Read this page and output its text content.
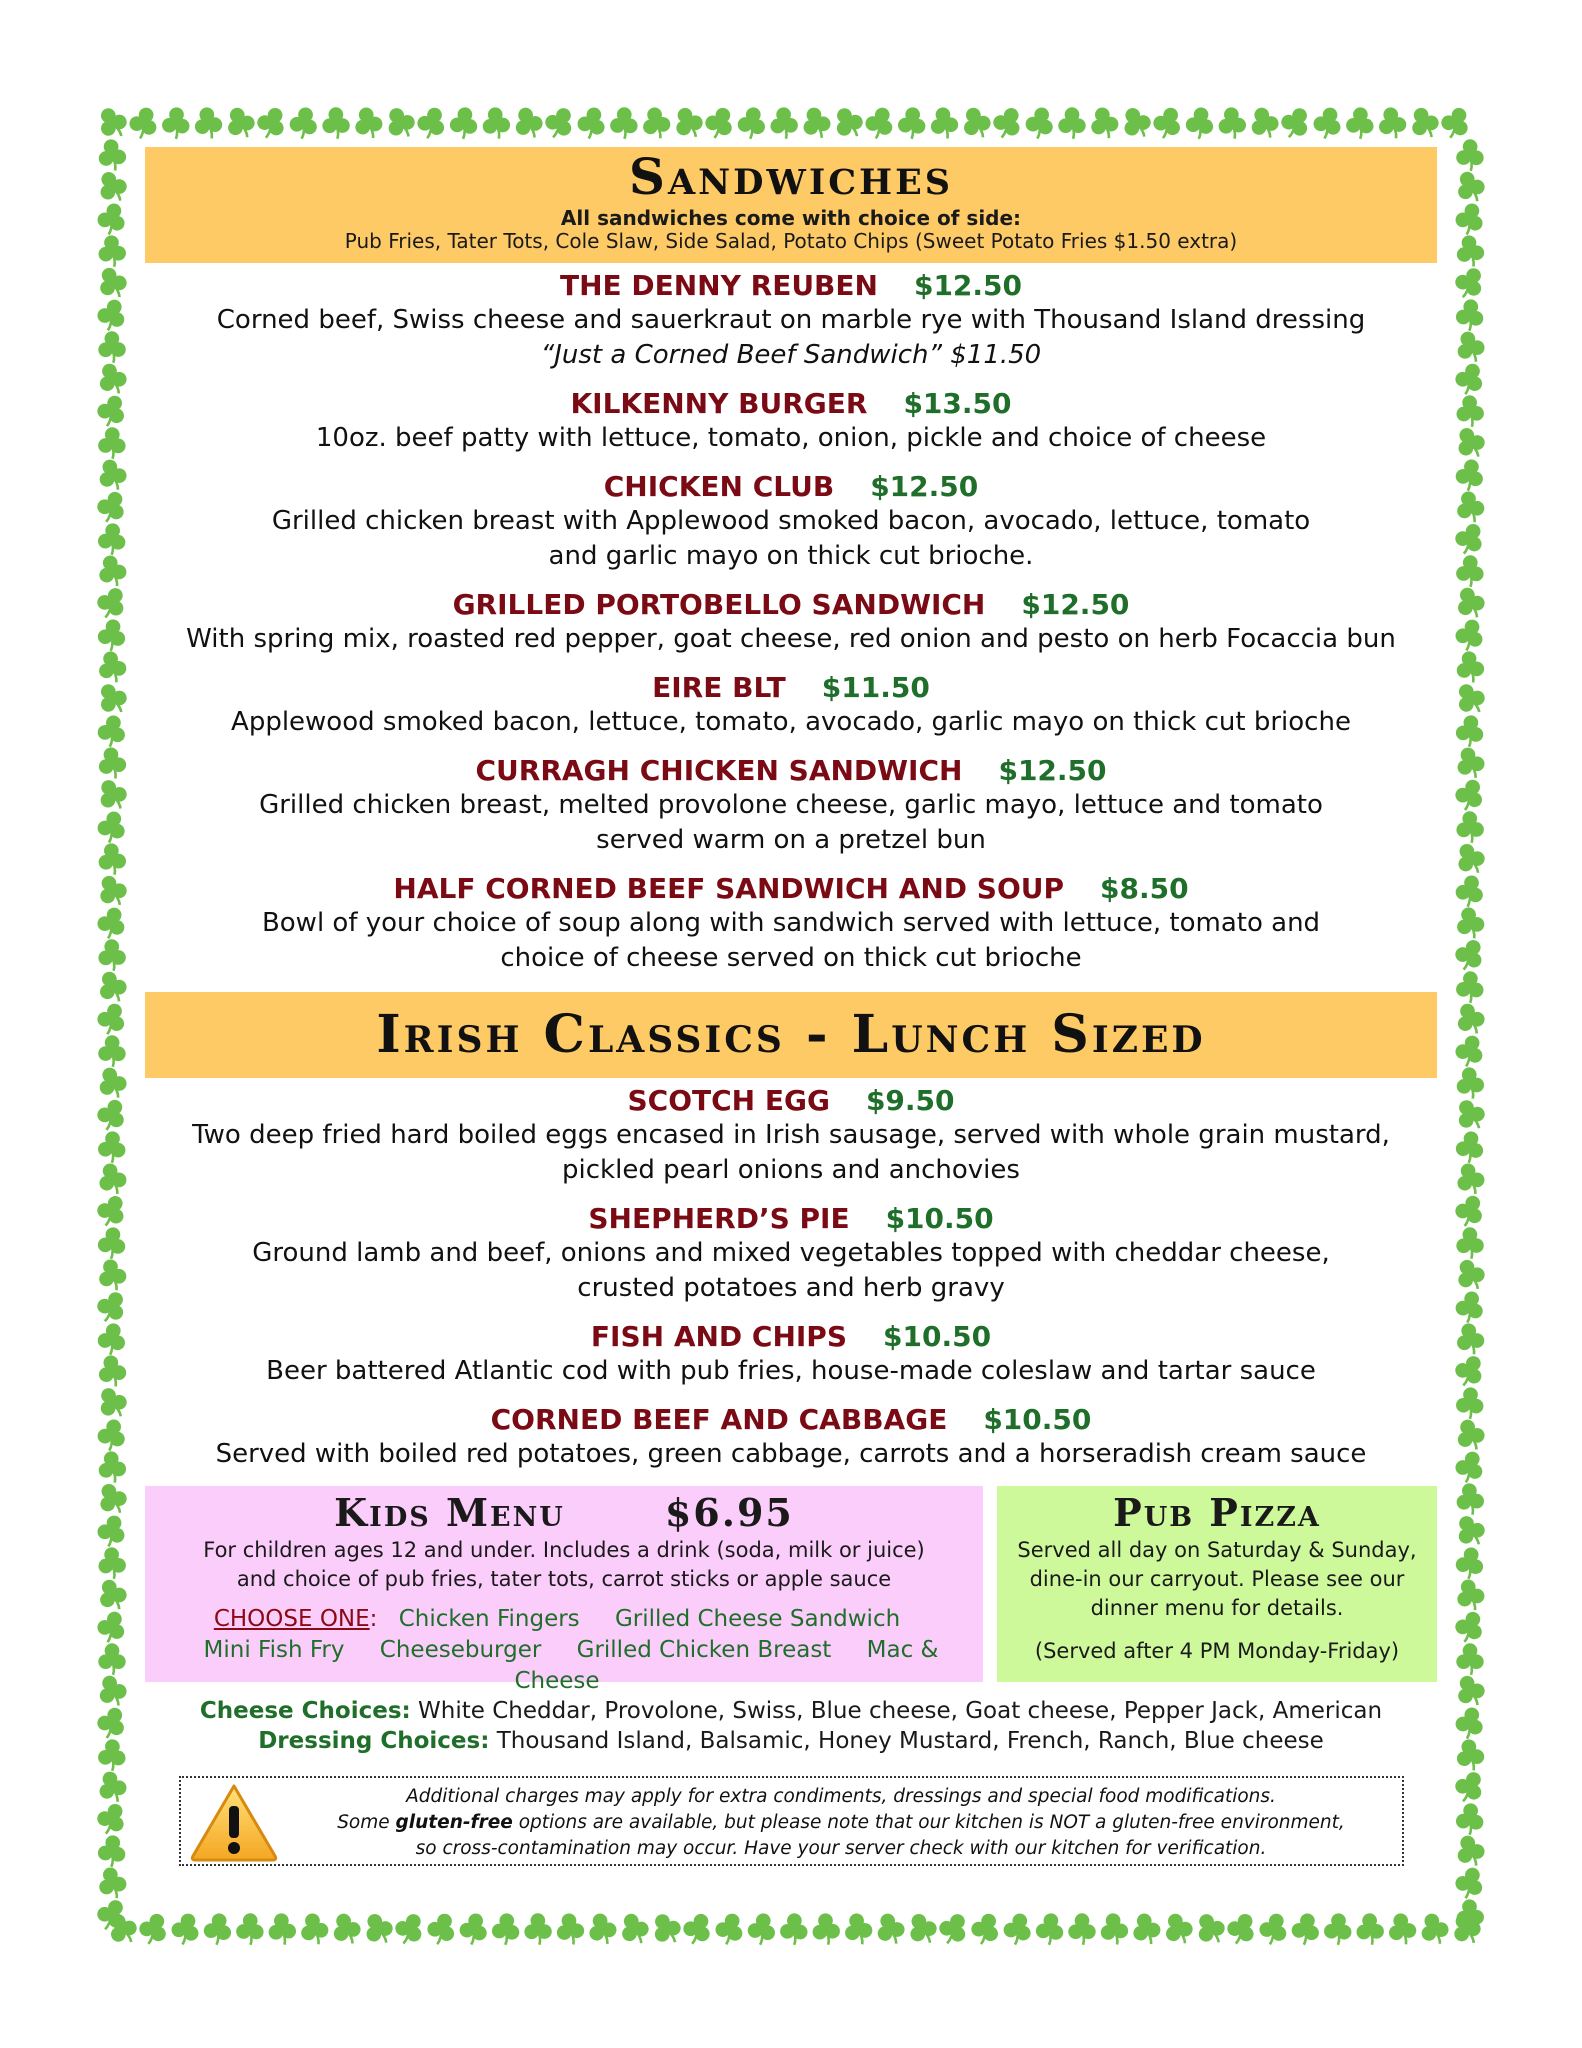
Sandwiches
All sandwiches come with choice of side:
Pub Fries, Tater Tots, Cole Slaw, Side Salad, Potato Chips (Sweet Potato Fries $1.50 extra)
THE DENNY REUBEN $12.50
Corned beef, Swiss cheese and sauerkraut on marble rye with Thousand Island dressing
“Just a Corned Beef Sandwich” $11.50
KILKENNY BURGER $13.50
10oz. beef patty with lettuce, tomato, onion, pickle and choice of cheese
CHICKEN CLUB $12.50
Grilled chicken breast with Applewood smoked bacon, avocado, lettuce, tomato
and garlic mayo on thick cut brioche.
GRILLED PORTOBELLO SANDWICH $12.50
With spring mix, roasted red pepper, goat cheese, red onion and pesto on herb Focaccia bun
EIRE BLT $11.50
Applewood smoked bacon, lettuce, tomato, avocado, garlic mayo on thick cut brioche
CURRAGH CHICKEN SANDWICH $12.50
Grilled chicken breast, melted provolone cheese, garlic mayo, lettuce and tomato
served warm on a pretzel bun
HALF CORNED BEEF SANDWICH AND SOUP $8.50
Bowl of your choice of soup along with sandwich served with lettuce, tomato and
choice of cheese served on thick cut brioche
Irish Classics - Lunch Sized
SCOTCH EGG $9.50
Two deep fried hard boiled eggs encased in Irish sausage, served with whole grain mustard,
pickled pearl onions and anchovies
SHEPHERD’S PIE $10.50
Ground lamb and beef, onions and mixed vegetables topped with cheddar cheese,
crusted potatoes and herb gravy
FISH AND CHIPS $10.50
Beer battered Atlantic cod with pub fries, house-made coleslaw and tartar sauce
CORNED BEEF AND CABBAGE $10.50
Served with boiled red potatoes, green cabbage, carrots and a horseradish cream sauce
Kids Menu	$6.95
For children ages 12 and under. Includes a drink (soda, milk or juice)
and choice of pub fries, tater tots, carrot sticks or apple sauce
CHOOSE ONE: Chicken Fingers Grilled Cheese Sandwich
Mini Fish Fry Cheeseburger Grilled Chicken Breast Mac & Cheese
Pub Pizza
Served all day on Saturday & Sunday,
dine-in our carryout. Please see our
dinner menu for details.
(Served after 4 PM Monday-Friday)
Cheese Choices: White Cheddar, Provolone, Swiss, Blue cheese, Goat cheese, Pepper Jack, American
Dressing Choices: Thousand Island, Balsamic, Honey Mustard, French, Ranch, Blue cheese
Additional charges may apply for extra condiments, dressings and special food modifications.
Some gluten-free options are available, but please note that our kitchen is NOT a gluten-free environment,
so cross-contamination may occur. Have your server check with our kitchen for verification.
